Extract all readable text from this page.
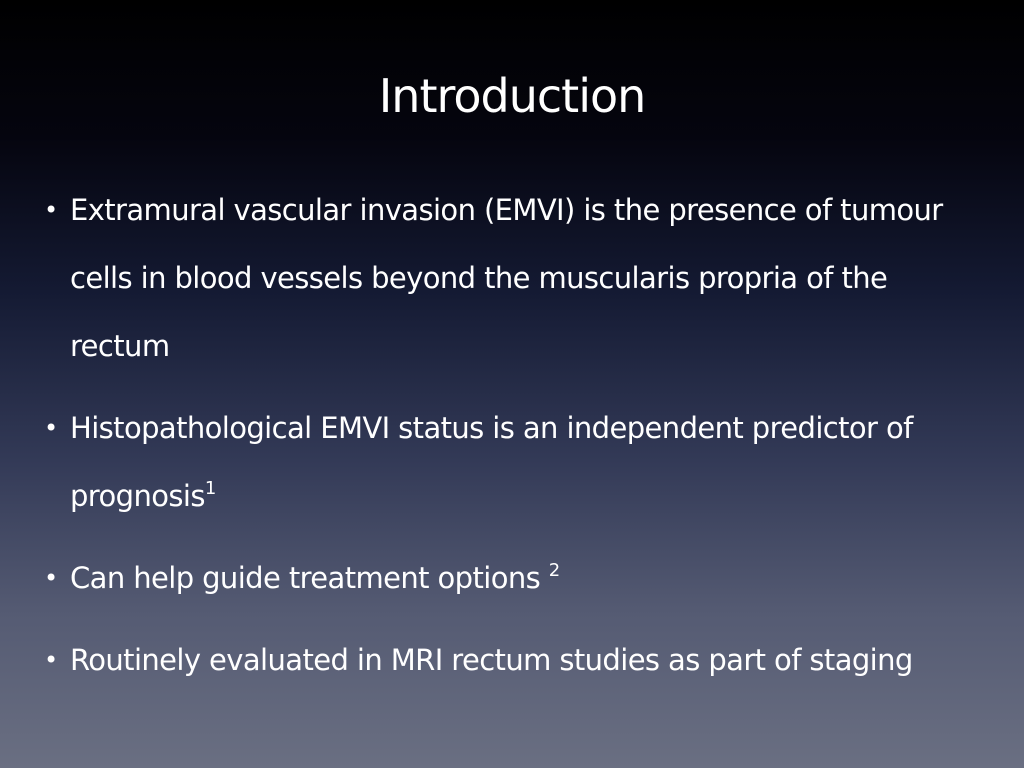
Introduction
• Extramural vascular invasion (EMVI) is the presence of tumour cells in blood vessels beyond the muscularis propria of the rectum
• Histopathological EMVI status is an independent predictor of prognosis$^1$
• Can help guide treatment options $^2$
• Routinely evaluated in MRI rectum studies as part of staging
